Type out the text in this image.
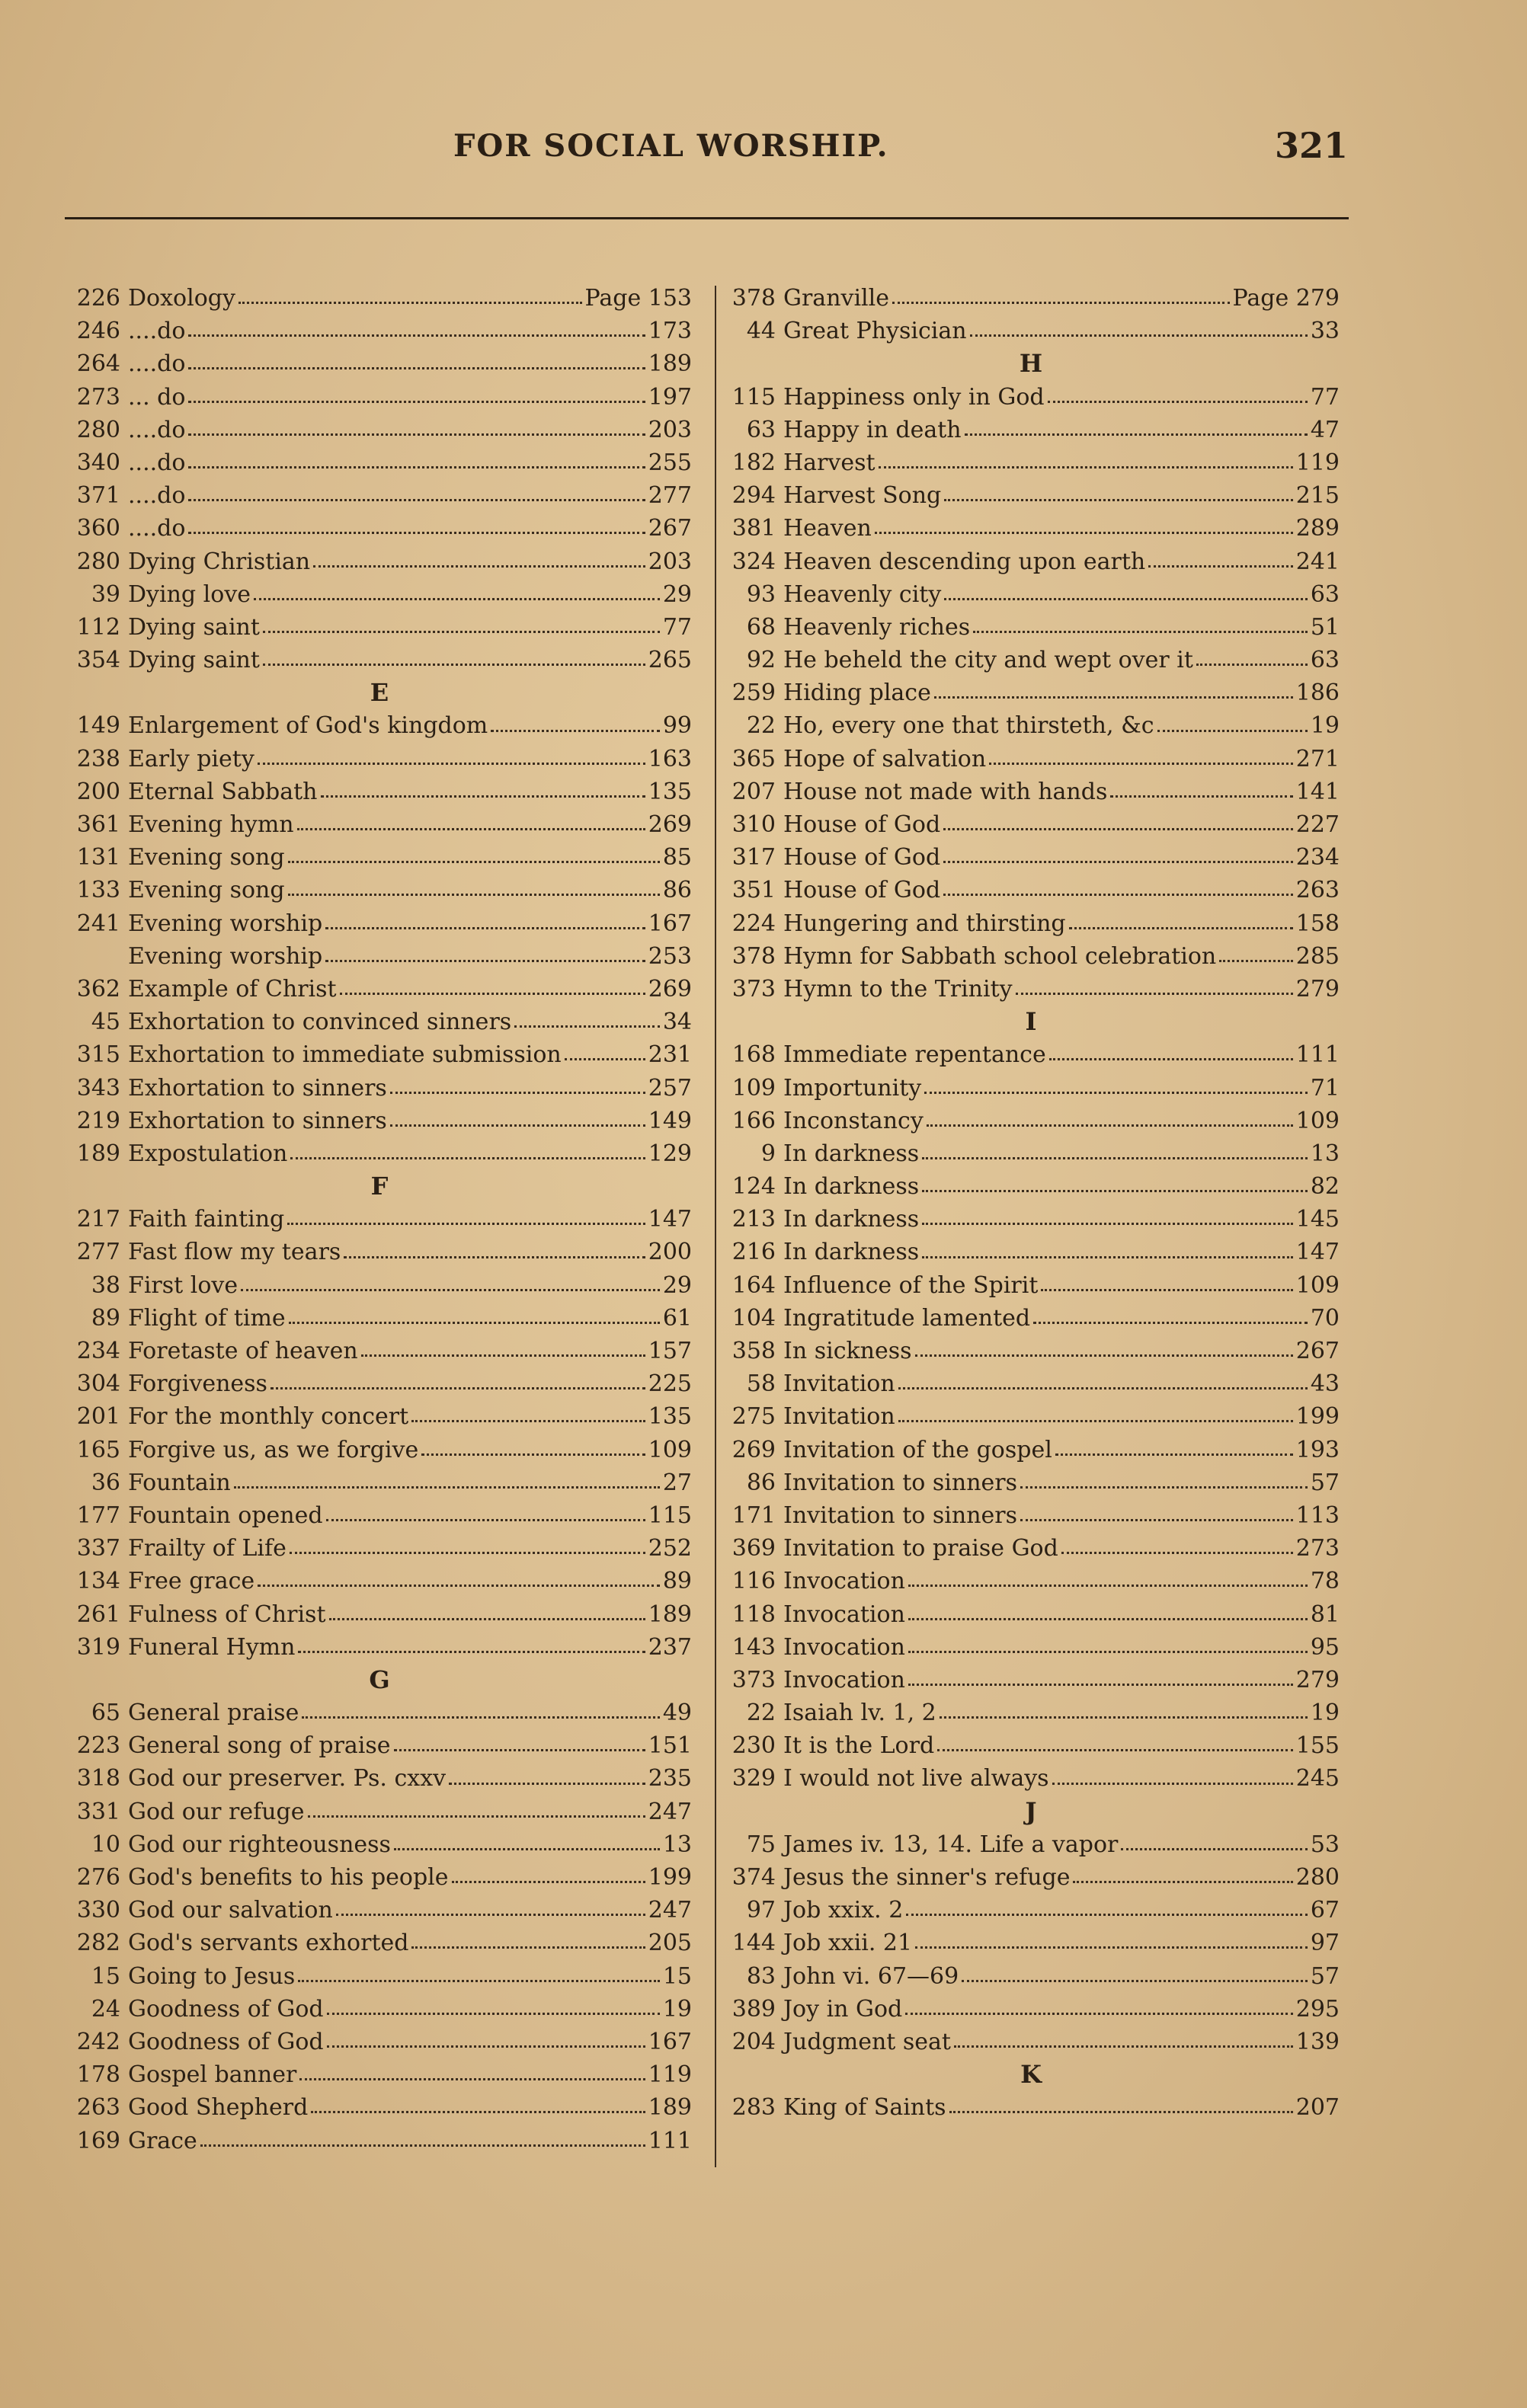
FOR SOCIAL WORSHIP.	321
226 Doxology	Page 153
246 ....do	173
264 ....do	189
273 ... do	197
280 ....do	203
340 ....do	255
371 ....do	277
360 ....do	267
280 Dying Christian	203
39 Dying love	29
112 Dying saint	77
354 Dying saint	265
E
149 Enlargement of God's kingdom	99
238 Early piety	163
200 Eternal Sabbath	135
361 Evening hymn	269
131 Evening song	85
133 Evening song	86
241 Evening worship	167
Evening worship	253
362 Example of Christ	269
45 Exhortation to convinced sinners	34
315 Exhortation to immediate submission	231
343 Exhortation to sinners	257
219 Exhortation to sinners	149
189 Expostulation	129
F
217 Faith fainting	147
277 Fast flow my tears	200
38 First love	29
89 Flight of time	61
234 Foretaste of heaven	157
304 Forgiveness	225
201 For the monthly concert	135
165 Forgive us, as we forgive	109
36 Fountain	27
177 Fountain opened	115
337 Frailty of Life	252
134 Free grace	89
261 Fulness of Christ	189
319 Funeral Hymn	237
G
65 General praise	49
223 General song of praise	151
318 God our preserver. Ps. cxxv	235
331 God our refuge	247
10 God our righteousness	13
276 God's benefits to his people	199
330 God our salvation	247
282 God's servants exhorted	205
15 Going to Jesus	15
24 Goodness of God	19
242 Goodness of God	167
178 Gospel banner	119
263 Good Shepherd	189
169 Grace	111
378 Granville	Page 279
44 Great Physician	33
H
115 Happiness only in God	77
63 Happy in death	47
182 Harvest	119
294 Harvest Song	215
381 Heaven	289
324 Heaven descending upon earth	241
93 Heavenly city	63
68 Heavenly riches	51
92 He beheld the city and wept over it	63
259 Hiding place	186
22 Ho, every one that thirsteth, &c	19
365 Hope of salvation	271
207 House not made with hands	141
310 House of God	227
317 House of God	234
351 House of God	263
224 Hungering and thirsting	158
378 Hymn for Sabbath school celebration	285
373 Hymn to the Trinity	279
I
168 Immediate repentance	111
109 Importunity	71
166 Inconstancy	109
9 In darkness	13
124 In darkness	82
213 In darkness	145
216 In darkness	147
164 Influence of the Spirit	109
104 Ingratitude lamented	70
358 In sickness	267
58 Invitation	43
275 Invitation	199
269 Invitation of the gospel	193
86 Invitation to sinners	57
171 Invitation to sinners	113
369 Invitation to praise God	273
116 Invocation	78
118 Invocation	81
143 Invocation	95
373 Invocation	279
22 Isaiah lv. 1, 2	19
230 It is the Lord	155
329 I would not live always	245
J
75 James iv. 13, 14. Life a vapor	53
374 Jesus the sinner's refuge	280
97 Job xxix. 2	67
144 Job xxii. 21	97
83 John vi. 67—69	57
389 Joy in God	295
204 Judgment seat	139
K
283 King of Saints	207
